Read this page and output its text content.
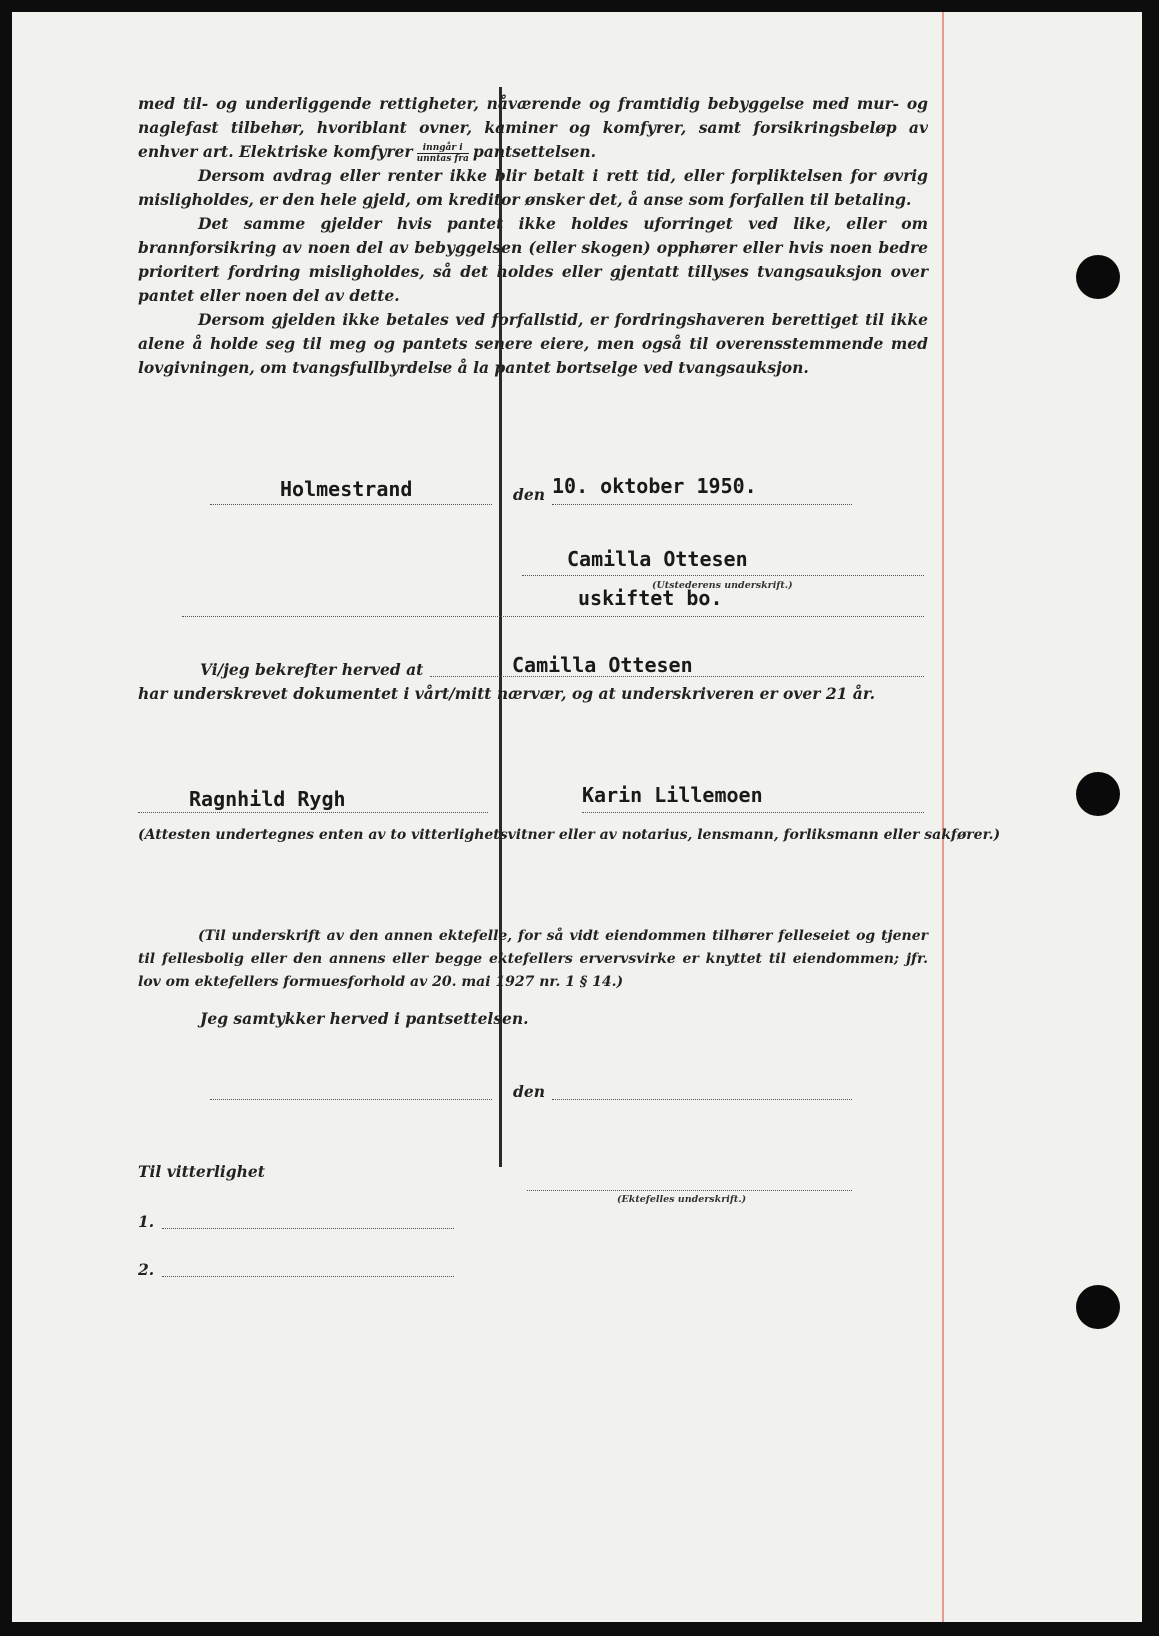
med til- og underliggende rettigheter, nåværende og framtidig bebyggelse med mur- og naglefast tilbehør, hvoriblant ovner, kaminer og komfyrer, samt forsikringsbeløp av enhver art. Elektriske komfyrer $\frac{\text{inngår i}}{\text{unntas fra}}$ pantsettelsen.

Dersom avdrag eller renter ikke blir betalt i rett tid, eller forpliktelsen for øvrig misligholdes, er den hele gjeld, om kreditor ønsker det, å anse som forfallen til betaling.

Det samme gjelder hvis pantet ikke holdes uforringet ved like, eller om brannforsikring av noen del av bebyggelsen (eller skogen) opphører eller hvis noen bedre prioritert fordring misligholdes, så det holdes eller gjentatt tillyses tvangsauksjon over pantet eller noen del av dette.

Dersom gjelden ikke betales ved forfallstid, er fordringshaveren berettiget til ikke alene å holde seg til meg og pantets senere eiere, men også til overensstemmende med lovgivningen, om tvangsfullbyrdelse å la pantet bortselge ved tvangsauksjon.

Holmestrand	den 10. oktober 1950.
Camilla Ottesen
(Utstederens underskrift.)
uskiftet bo.
Vi/jeg bekrefter herved at	Camilla Ottesen
har underskrevet dokumentet i vårt/mitt nærvær, og at underskriveren er over 21 år.
Ragnhild Rygh	Karin Lillemoen
(Attesten undertegnes enten av to vitterlighetsvitner eller av notarius, lensmann, forliksmann eller sakfører.)

(Til underskrift av den annen ektefelle, for så vidt eiendommen tilhører felleseiet og tjener til fellesbolig eller den annens eller begge ektefellers ervervsvirke er knyttet til eiendommen; jfr. lov om ektefellers formuesforhold av 20. mai 1927 nr. 1 § 14.)

Jeg samtykker herved i pantsettelsen.
den
(Ektefelles underskrift.)
Til vitterlighet
1.
2.
